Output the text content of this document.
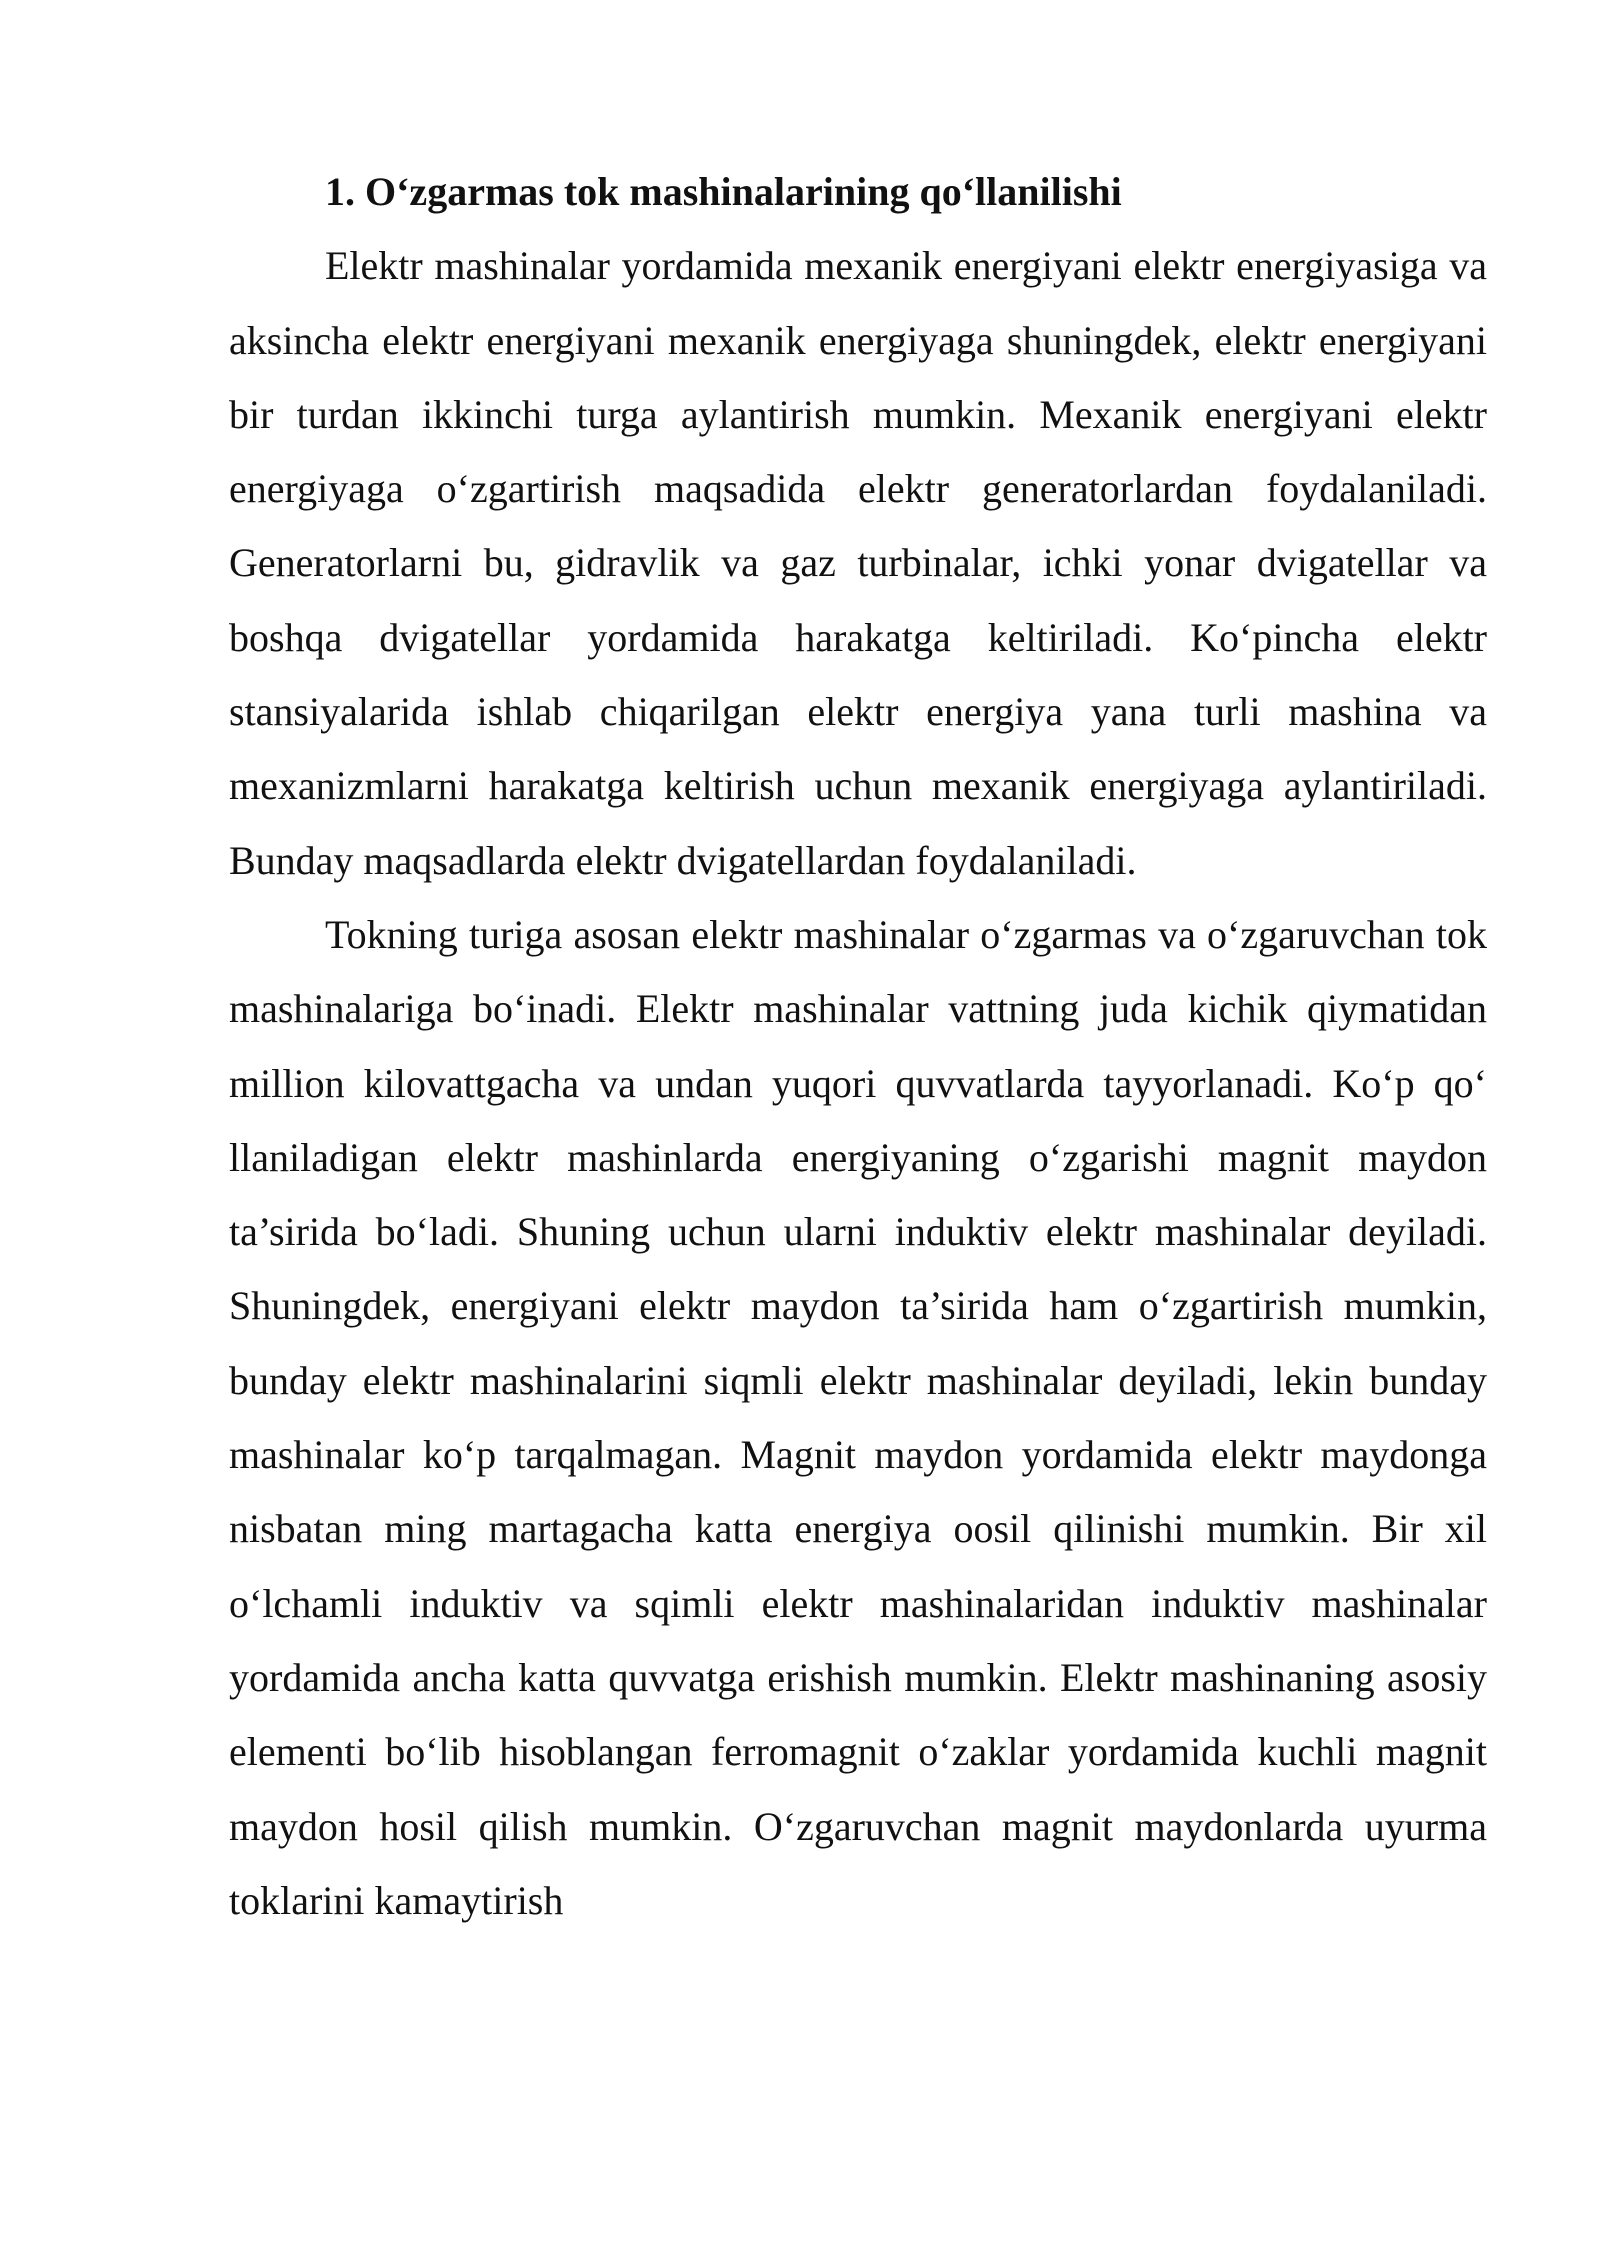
1. O‘zgarmas tok mashinalarining qo‘llanilishi

Elektr mashinalar yordamida mexanik energiyani elektr energiyasiga va aksincha elektr energiyani mexanik energiyaga shuningdek, elektr energiyani bir turdan ikkinchi turga aylantirish mumkin. Mexanik energiyani elektr energiyaga o‘zgartirish maqsadida elektr generatorlardan foydalaniladi. Generatorlarni bu, gidravlik va gaz turbinalar, ichki yonar dvigatellar va boshqa dvigatellar yordamida harakatga keltiriladi. Ko‘pincha elektr stansiyalarida ishlab chiqarilgan elektr energiya yana turli mashina va mexanizmlarni harakatga keltirish uchun mexanik energiyaga aylantiriladi. Bunday maqsadlarda elektr dvigatellardan foydalaniladi.

Tokning turiga asosan elektr mashinalar o‘zgarmas va o‘zgaruvchan tok mashinalariga bo‘inadi. Elektr mashinalar vattning juda kichik qiymatidan million kilovattgacha va undan yuqori quvvatlarda tayyorlanadi. Ko‘p qo‘ llaniladigan elektr mashinlarda energiyaning o‘zgarishi magnit maydon ta’sirida bo‘ladi. Shuning uchun ularni induktiv elektr mashinalar deyiladi. Shuningdek, energiyani elektr maydon ta’sirida ham o‘zgartirish mumkin, bunday elektr mashinalarini siqmli elektr mashinalar deyiladi, lekin bunday mashinalar ko‘p tarqalmagan. Magnit maydon yordamida elektr maydonga nisbatan ming martagacha katta energiya oosil qilinishi mumkin. Bir xil o‘lchamli induktiv va sqimli elektr mashinalaridan induktiv mashinalar yordamida ancha katta quvvatga erishish mumkin. Elektr mashinaning asosiy elementi bo‘lib hisoblangan ferromagnit o‘zaklar yordamida kuchli magnit maydon hosil qilish mumkin. O‘zgaruvchan magnit maydonlarda uyurma toklarini kamaytirish
